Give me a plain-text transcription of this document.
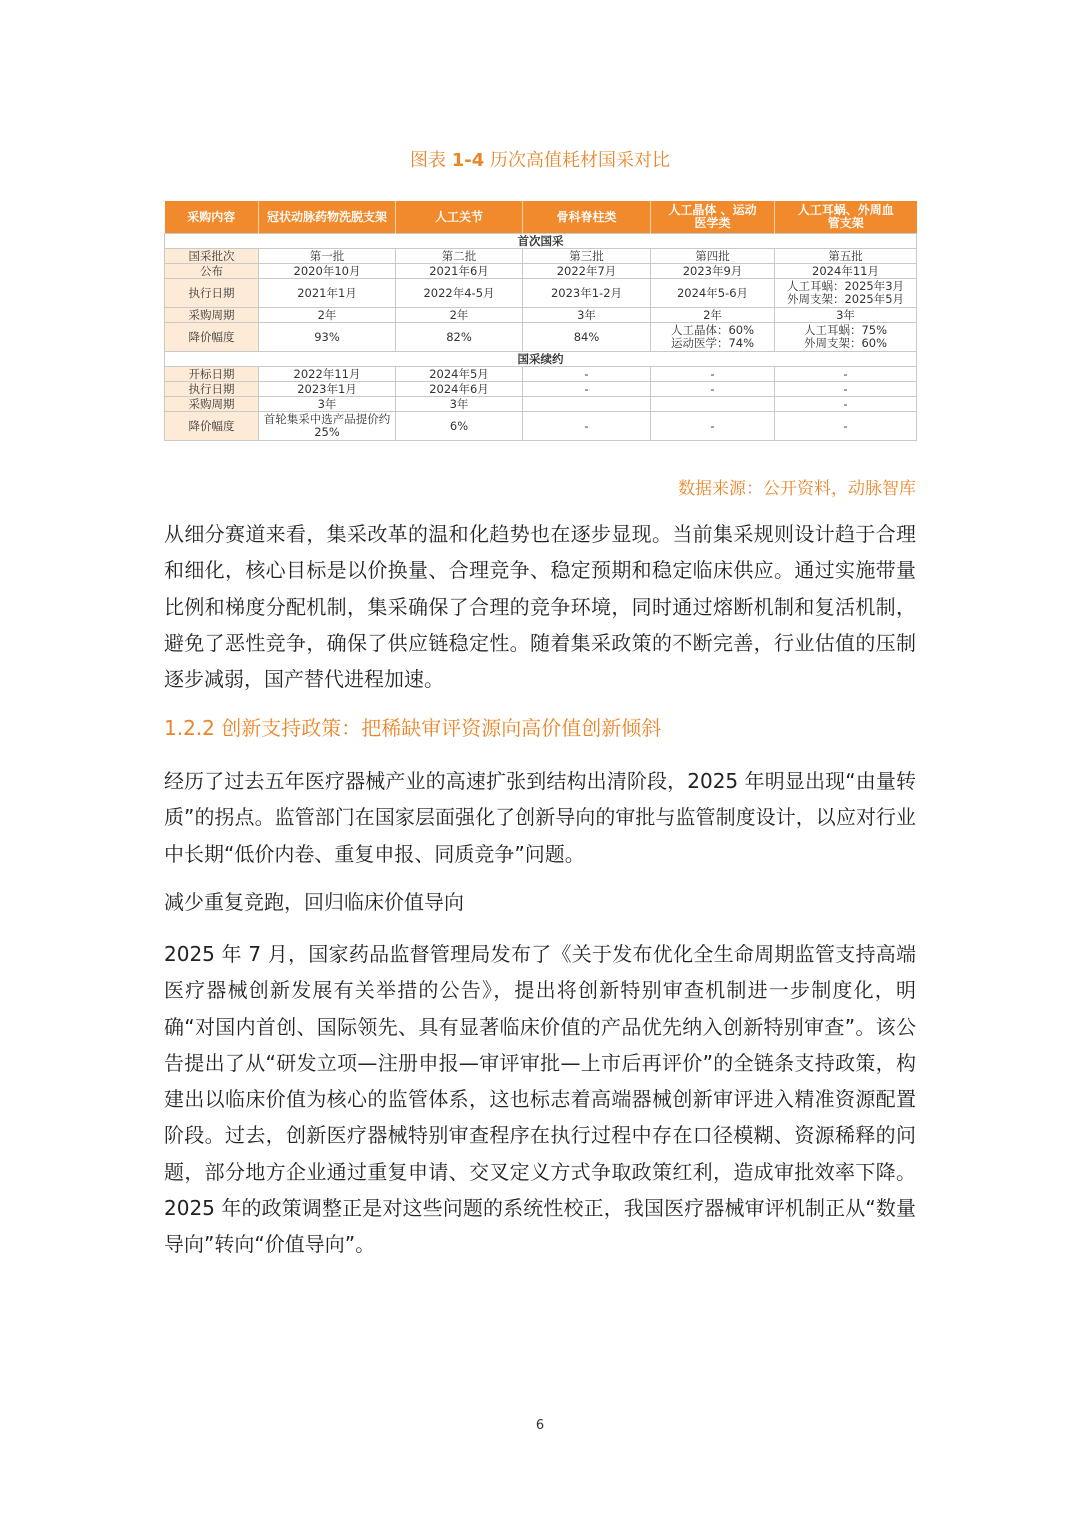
图表 1-4 历次高值耗材国采对比
采购内容	冠状动脉药物洗脱支架	人工关节	骨科脊柱类	人工晶体 、运动医学类	人工耳蜗、外周血管支架
首次国采					
国采批次	第一批	第二批	第三批	第四批	第五批
公布	2020年10月	2021年6月	2022年7月	2023年9月	2024年11月
执行日期	2021年1月	2022年4-5月	2023年1-2月	2024年5-6月	人工耳蜗：2025年3月
外周支架：2025年5月
采购周期	2年	2年	3年	2年	3年
降价幅度	93%	82%	84%	人工晶体：60%
运动医学：74%	人工耳蜗：75%
外周支架：60%
国采续约					
开标日期	2022年11月	2024年5月	-	-	-
执行日期	2023年1月	2024年6月	-	-	-
采购周期	3年	3年			-
降价幅度	首轮集采中选产品提价约25%	6%	-	-	-
数据来源：公开资料，动脉智库

从细分赛道来看，集采改革的温和化趋势也在逐步显现。当前集采规则设计趋于合理和细化，核心目标是以价换量、合理竞争、稳定预期和稳定临床供应。通过实施带量比例和梯度分配机制，集采确保了合理的竞争环境，同时通过熔断机制和复活机制，避免了恶性竞争，确保了供应链稳定性。随着集采政策的不断完善，行业估值的压制逐步减弱，国产替代进程加速。

1.2.2 创新支持政策：把稀缺审评资源向高价值创新倾斜

经历了过去五年医疗器械产业的高速扩张到结构出清阶段，2025 年明显出现“由量转质”的拐点。监管部门在国家层面强化了创新导向的审批与监管制度设计，以应对行业中长期“低价内卷、重复申报、同质竞争”问题。

减少重复竞跑，回归临床价值导向

2025 年 7 月，国家药品监督管理局发布了《关于发布优化全生命周期监管支持高端医疗器械创新发展有关举措的公告》，提出将创新特别审查机制进一步制度化，明确“对国内首创、国际领先、具有显著临床价值的产品优先纳入创新特别审查”。该公告提出了从“研发立项—注册申报—审评审批—上市后再评价”的全链条支持政策，构建出以临床价值为核心的监管体系，这也标志着高端器械创新审评进入精准资源配置阶段。过去，创新医疗器械特别审查程序在执行过程中存在口径模糊、资源稀释的问题，部分地方企业通过重复申请、交叉定义方式争取政策红利，造成审批效率下降。2025 年的政策调整正是对这些问题的系统性校正，我国医疗器械审评机制正从“数量导向”转向“价值导向”。

6
